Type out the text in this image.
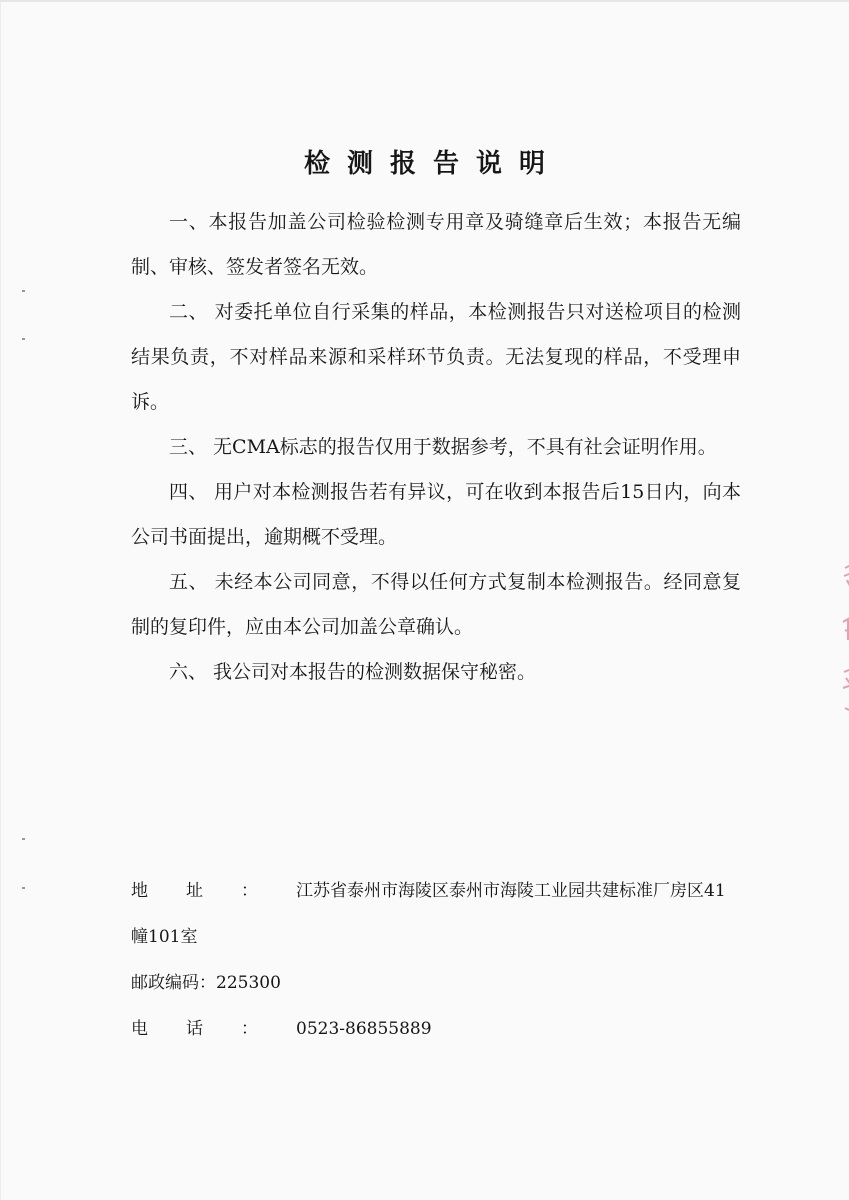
检测报告说明

一、本报告加盖公司检验检测专用章及骑缝章后生效；本报告无编制、审核、签发者签名无效。

二、 对委托单位自行采集的样品，本检测报告只对送检项目的检测结果负责，不对样品来源和采样环节负责。无法复现的样品，不受理申诉。

三、 无CMA标志的报告仅用于数据参考，不具有社会证明作用。

四、 用户对本检测报告若有异议，可在收到本报告后15日内，向本公司书面提出，逾期概不受理。

五、 未经本公司同意，不得以任何方式复制本检测报告。经同意复制的复印件，应由本公司加盖公章确认。

六、 我公司对本报告的检测数据保守秘密。

地址：江苏省泰州市海陵区泰州市海陵工业园共建标准厂房区41
幢101室
邮政编码：225300
电话：0523-86855889
